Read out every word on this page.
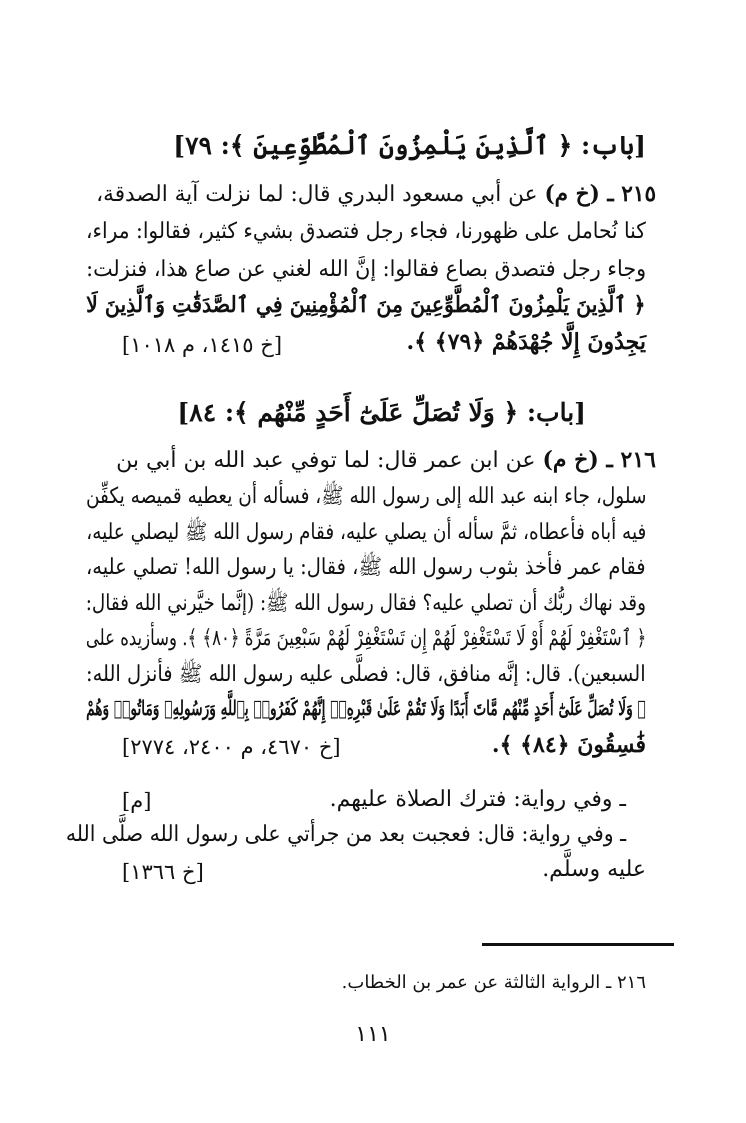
[باب: ﴿ ٱلَّذِينَ يَلْمِزُونَ ٱلْمُطَّوِّعِينَ ﴾: ٧٩]
٢١٥ ـ (خ م) عن أبي مسعود البدري قال: لما نزلت آية الصدقة،
كنا نُحامل على ظهورنا، فجاء رجل فتصدق بشيء كثير، فقالوا: مراء،
وجاء رجل فتصدق بصاع فقالوا: إنَّ الله لغني عن صاع هذا، فنزلت:
﴿ ٱلَّذِينَ يَلْمِزُونَ ٱلْمُطَّوِّعِينَ مِنَ ٱلْمُؤْمِنِينَ فِي ٱلصَّدَقَٰتِ وَٱلَّذِينَ لَا
يَجِدُونَ إِلَّا جُهْدَهُمْ ﴿٧٩﴾ ﴾.
[خ ١٤١٥، م ١٠١٨]
[باب: ﴿ وَلَا تُصَلِّ عَلَىٰٓ أَحَدٍ مِّنْهُم ﴾: ٨٤]
٢١٦ ـ (خ م) عن ابن عمر قال: لما توفي عبد الله بن أبي بن
سلول، جاء ابنه عبد الله إلى رسول الله ﷺ، فسأله أن يعطيه قميصه يكفِّن
فيه أباه فأعطاه، ثمَّ سأله أن يصلي عليه، فقام رسول الله ﷺ ليصلي عليه،
فقام عمر فأخذ بثوب رسول الله ﷺ، فقال: يا رسول الله! تصلي عليه،
وقد نهاك ربُّك أن تصلي عليه؟ فقال رسول الله ﷺ: (إنَّما خيَّرني الله فقال:
﴿ ٱسْتَغْفِرْ لَهُمْ أَوْ لَا تَسْتَغْفِرْ لَهُمْ إِن تَسْتَغْفِرْ لَهُمْ سَبْعِينَ مَرَّةً ﴿٨٠﴾ ﴾. وسأزيده على
السبعين). قال: إنَّه منافق، قال: فصلَّى عليه رسول الله ﷺ فأنزل الله:
﴿ وَلَا تُصَلِّ عَلَىٰٓ أَحَدٍ مِّنْهُم مَّاتَ أَبَدًا وَلَا تَقُمْ عَلَىٰ قَبْرِهِۦٓ إِنَّهُمْ كَفَرُوا۟ بِٱللَّهِ وَرَسُولِهِۦ وَمَاتُوا۟ وَهُمْ
فَٰسِقُونَ ﴿٨٤﴾ ﴾.
[خ ٤٦٧٠، م ٢٤٠٠، ٢٧٧٤]
ـ وفي رواية: فترك الصلاة عليهم.
[م]
ـ وفي رواية: قال: فعجبت بعد من جرأتي على رسول الله صلَّى الله
عليه وسلَّم.
[خ ١٣٦٦]
٢١٦ ـ الرواية الثالثة عن عمر بن الخطاب.
١١١
